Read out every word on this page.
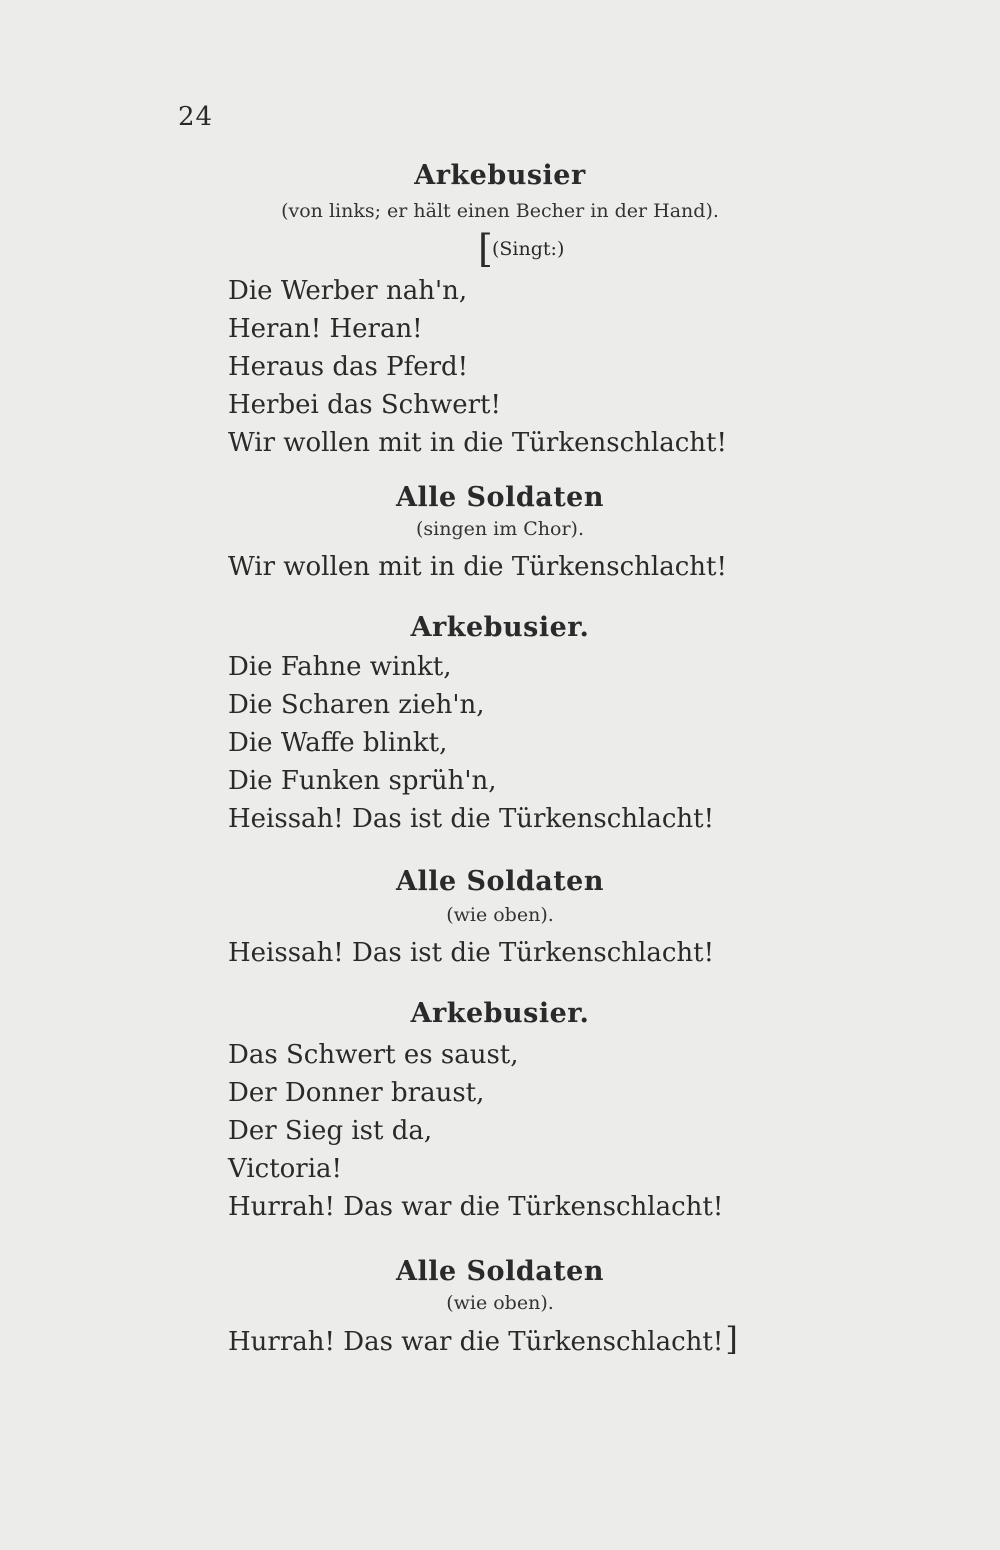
24
Arkebusier
(von links; er hält einen Becher in der Hand).
[ (Singt:)
Die Werber nah'n,
Heran! Heran!
Heraus das Pferd!
Herbei das Schwert!
Wir wollen mit in die Türkenschlacht!
Alle Soldaten
(singen im Chor).
Wir wollen mit in die Türkenschlacht!
Arkebusier.
Die Fahne winkt,
Die Scharen zieh'n,
Die Waffe blinkt,
Die Funken sprüh'n,
Heissah! Das ist die Türkenschlacht!
Alle Soldaten
(wie oben).
Heissah! Das ist die Türkenschlacht!
Arkebusier.
Das Schwert es saust,
Der Donner braust,
Der Sieg ist da,
Victoria!
Hurrah! Das war die Türkenschlacht!
Alle Soldaten
(wie oben).
Hurrah! Das war die Türkenschlacht!]
